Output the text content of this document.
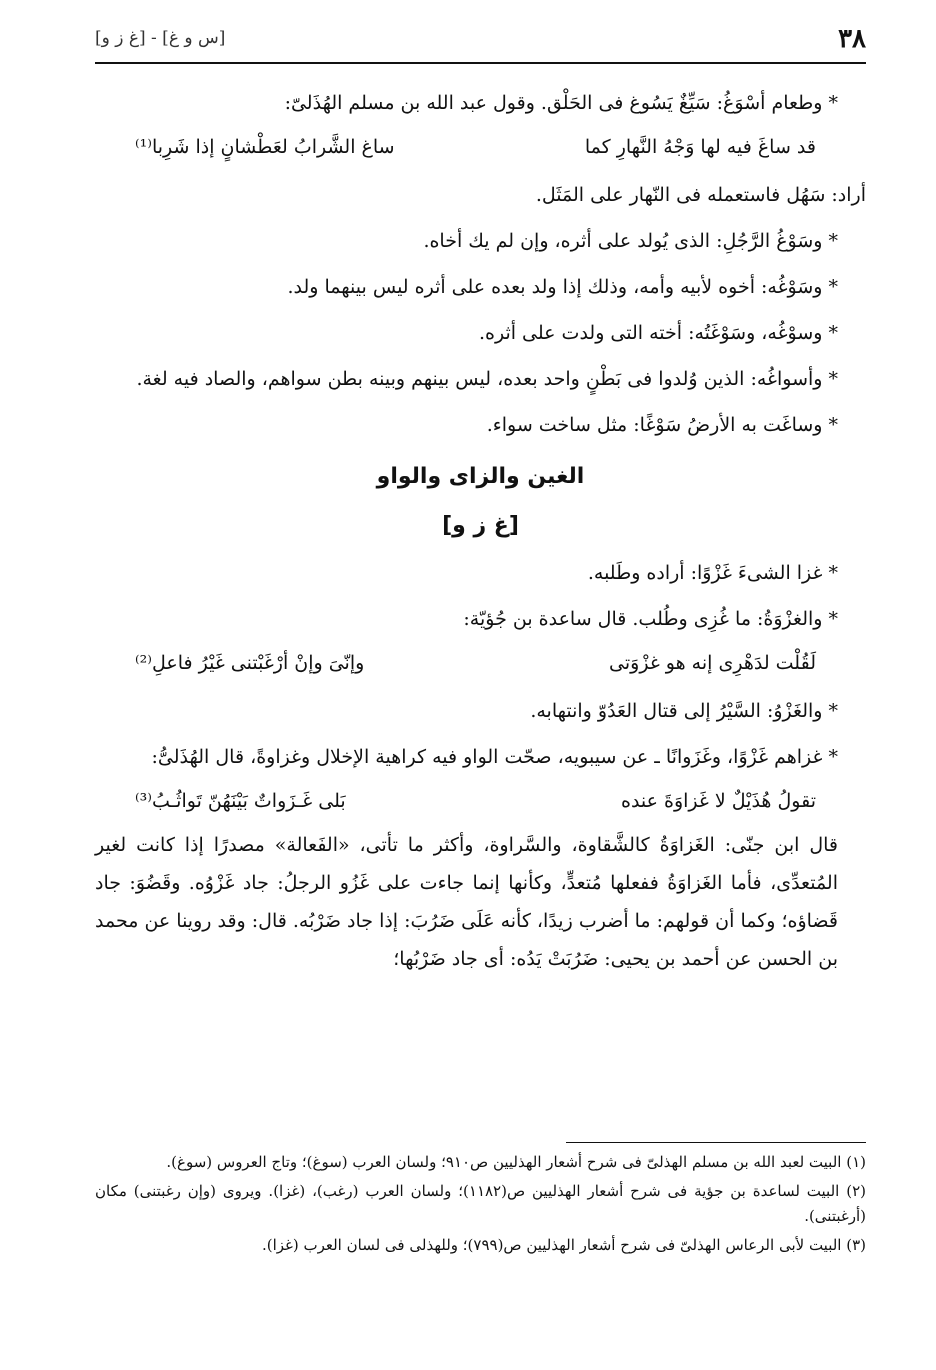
٣٨
[س و غ] - [غ ز و]

* وطعام أسْوَغُ: سَيِّغٌ يَسُوغ فى الحَلْق. وقول عبد الله بن مسلم الهُذَلىّ:

قد ساغَ فيه لها وَجْهُ النَّهارِ كما
ساغ الشَّرابُ لعَطْشانٍ إذا شَرِبا⁽¹⁾

أراد: سَهُل فاستعمله فى النّهار على المَثَل.

* وسَوْغُ الرَّجُلِ: الذى يُولد على أثره، وإن لم يك أخاه.

* وسَوْغُه: أخوه لأبيه وأمه، وذلك إذا ولد بعده على أثره ليس بينهما ولد.

* وسوْغُه، وسَوْغَتُه: أخته التى ولدت على أثره.

* وأسواغُه: الذين وُلدوا فى بَطْنٍ واحد بعده، ليس بينهم وبينه بطن سواهم، والصاد فيه لغة.

* وساغَت به الأرضُ سَوْغًا: مثل ساخت سواء.

الغين والزاى والواو
[غ ز و]

* غزا الشىءَ غَزْوًا: أراده وطَلبه.

* والغزْوَةُ: ما غُزِى وطُلب. قال ساعدة بن جُؤيّة:

لَقُلْت لدَهْرِى إنه هو غزْوَتى
وإنّىَ وإنْ أرْغَبْتنى غَيْرُ فاعلِ⁽²⁾

* والغَزْوُ: السَّيْرُ إلى قتال العَدُوّ وانتهابه.

* غزاهم غَزْوًا، وغَزَوانًا ـ عن سيبويه، صحّت الواو فيه كراهية الإخلال وغزاوةً، قال الهُذَلىُّ:

تقولُ هُذَيْلٌ لا غَزاوَةَ عنده
بَلى غَـزَواتٌ بَيْنَهُنّ تَواثُـبُ⁽³⁾

قال ابن جنّى: الغَزاوَةُ كالشَّقاوة، والسَّراوة، وأكثر ما تأتى، «الفَعالة» مصدرًا إذا كانت لغير المُتعدِّى، فأما الغَزاوَةُ ففعلها مُتعدٍّ، وكأنها إنما جاءت على غَزُو الرجلُ: جاد غَزْوُه. وقَضُوَ: جاد قَضاؤه؛ وكما أن قولهم: ما أضرب زيدًا، كأنه عَلَى ضَرُبَ: إذا جاد ضَرْبُه. قال: وقد روينا عن محمد بن الحسن عن أحمد بن يحيى: ضَرُبَتْ يَدُه: أى جاد ضَرْبُها؛

(١) البيت لعبد الله بن مسلم الهذلىّ فى شرح أشعار الهذليين ص٩١٠؛ ولسان العرب (سوغ)؛ وتاج العروس (سوغ).

(٢) البيت لساعدة بن جؤية فى شرح أشعار الهذليين ص(١١٨٢)؛ ولسان العرب (رغب)، (غزا). ويروى (وإن رغبتنى) مكان (أرغبتنى).

(٣) البيت لأبى الرعاس الهذلىّ فى شرح أشعار الهذليين ص(٧٩٩)؛ وللهذلى فى لسان العرب (غزا).
